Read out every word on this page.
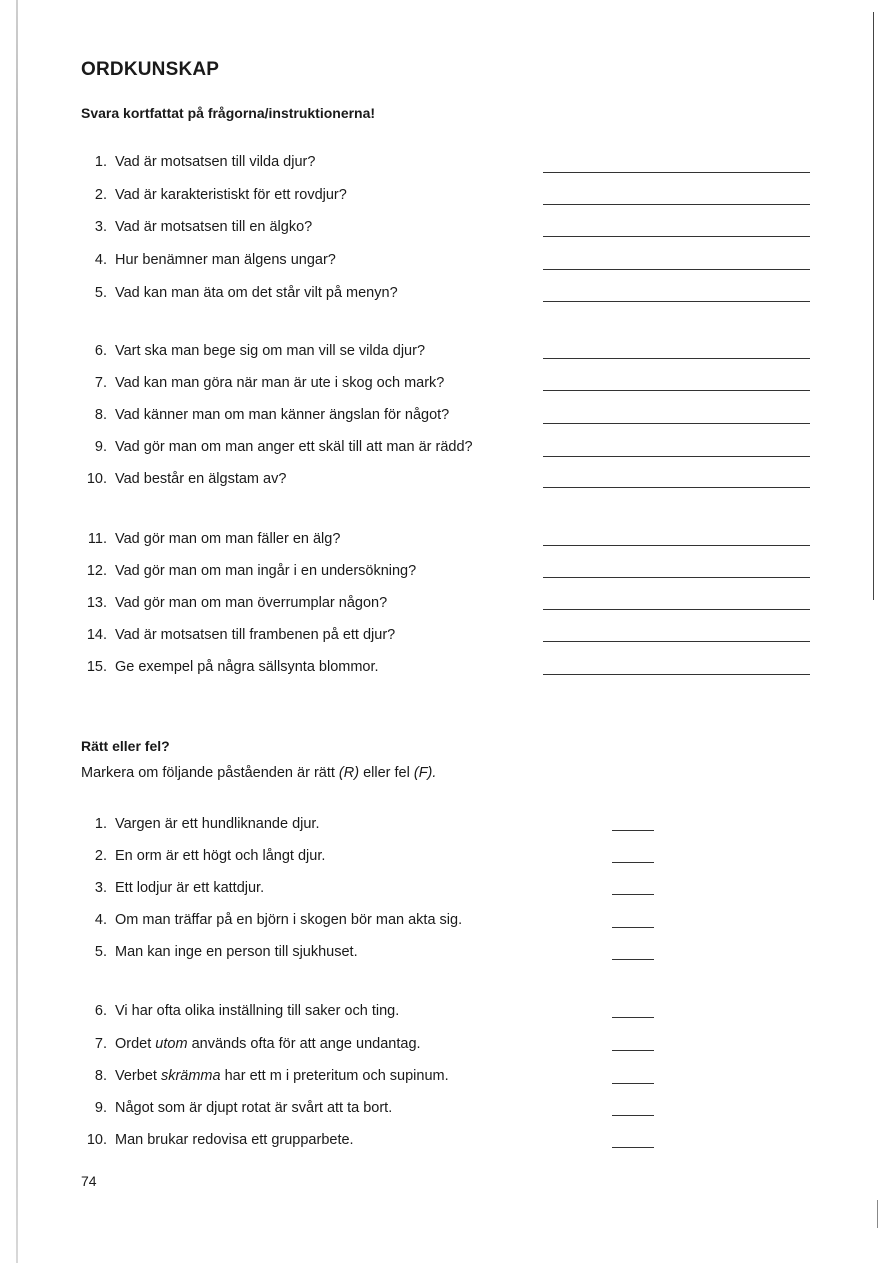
ORDKUNSKAP
Svara kortfattat på frågorna/instruktionerna!
1. Vad är motsatsen till vilda djur?
2. Vad är karakteristiskt för ett rovdjur?
3. Vad är motsatsen till en älgko?
4. Hur benämner man älgens ungar?
5. Vad kan man äta om det står vilt på menyn?
6. Vart ska man bege sig om man vill se vilda djur?
7. Vad kan man göra när man är ute i skog och mark?
8. Vad känner man om man känner ängslan för något?
9. Vad gör man om man anger ett skäl till att man är rädd?
10. Vad består en älgstam av?
11. Vad gör man om man fäller en älg?
12. Vad gör man om man ingår i en undersökning?
13. Vad gör man om man överrumplar någon?
14. Vad är motsatsen till frambenen på ett djur?
15. Ge exempel på några sällsynta blommor.
Rätt eller fel?
Markera om följande påståenden är rätt (R) eller fel (F).
1. Vargen är ett hundliknande djur.
2. En orm är ett högt och långt djur.
3. Ett lodjur är ett kattdjur.
4. Om man träffar på en björn i skogen bör man akta sig.
5. Man kan inge en person till sjukhuset.
6. Vi har ofta olika inställning till saker och ting.
7. Ordet utom används ofta för att ange undantag.
8. Verbet skrämma har ett m i preteritum och supinum.
9. Något som är djupt rotat är svårt att ta bort.
10. Man brukar redovisa ett grupparbete.
74
